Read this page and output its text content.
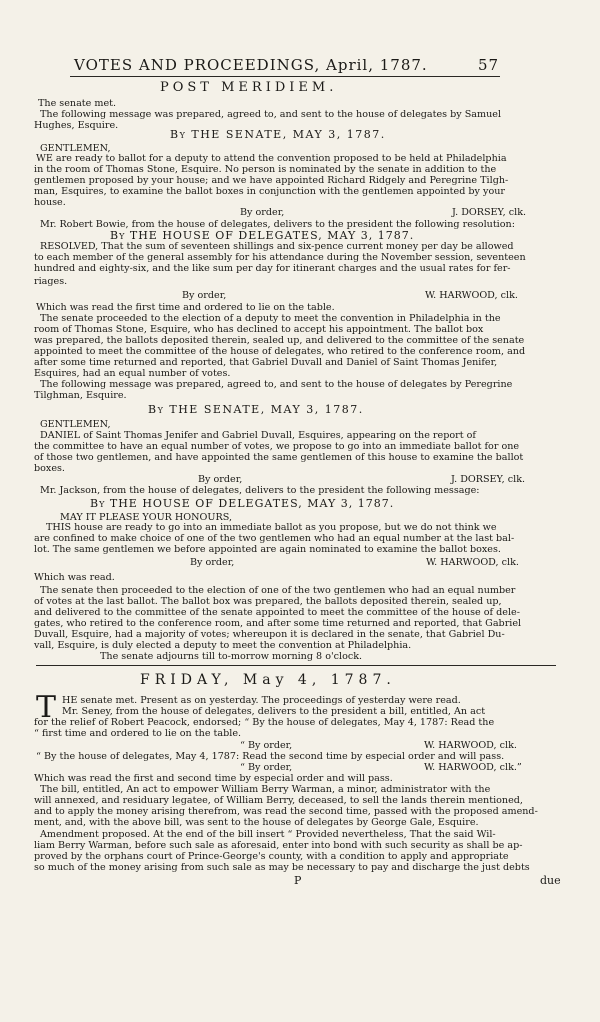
VOTES AND PROCEEDINGS, April, 1787.	57
POST MERIDIEM.
The senate met.
The following message was prepared, agreed to, and sent to the house of delegates by Samuel
Hughes, Esquire.
By THE SENATE, MAY 3, 1787.
GENTLEMEN,
WE are ready to ballot for a deputy to attend the convention proposed to be held at Philadelphia
in the room of Thomas Stone, Esquire. No person is nominated by the senate in addition to the
gentlemen proposed by your house; and we have appointed Richard Ridgely and Peregrine Tilgh-
man, Esquires, to examine the ballot boxes in conjunction with the gentlemen appointed by your
house.
By order,	J. DORSEY, clk.
Mr. Robert Bowie, from the house of delegates, delivers to the president the following resolution:
By THE HOUSE OF DELEGATES, MAY 3, 1787.
RESOLVED, That the sum of seventeen shillings and six-pence current money per day be allowed
to each member of the general assembly for his attendance during the November session, seventeen
hundred and eighty-six, and the like sum per day for itinerant charges and the usual rates for fer-
riages.
By order,	W. HARWOOD, clk.
Which was read the first time and ordered to lie on the table.
The senate proceeded to the election of a deputy to meet the convention in Philadelphia in the
room of Thomas Stone, Esquire, who has declined to accept his appointment. The ballot box
was prepared, the ballots deposited therein, sealed up, and delivered to the committee of the senate
appointed to meet the committee of the house of delegates, who retired to the conference room, and
after some time returned and reported, that Gabriel Duvall and Daniel of Saint Thomas Jenifer,
Esquires, had an equal number of votes.
The following message was prepared, agreed to, and sent to the house of delegates by Peregrine
Tilghman, Esquire.
By THE SENATE, MAY 3, 1787.
GENTLEMEN,
DANIEL of Saint Thomas Jenifer and Gabriel Duvall, Esquires, appearing on the report of
the committee to have an equal number of votes, we propose to go into an immediate ballot for one
of those two gentlemen, and have appointed the same gentlemen of this house to examine the ballot
boxes.
By order,	J. DORSEY, clk.
Mr. Jackson, from the house of delegates, delivers to the president the following message:
By THE HOUSE OF DELEGATES, MAY 3, 1787.
MAY IT PLEASE YOUR HONOURS,
THIS house are ready to go into an immediate ballot as you propose, but we do not think we
are confined to make choice of one of the two gentlemen who had an equal number at the last bal-
lot. The same gentlemen we before appointed are again nominated to examine the ballot boxes.
By order,	W. HARWOOD, clk.
Which was read.
The senate then proceeded to the election of one of the two gentlemen who had an equal number
of votes at the last ballot. The ballot box was prepared, the ballots deposited therein, sealed up,
and delivered to the committee of the senate appointed to meet the committee of the house of dele-
gates, who retired to the conference room, and after some time returned and reported, that Gabriel
Duvall, Esquire, had a majority of votes; whereupon it is declared in the senate, that Gabriel Du-
vall, Esquire, is duly elected a deputy to meet the convention at Philadelphia.
The senate adjourns till to-morrow morning 8 o'clock.
FRIDAY, May 4, 1787.
T HE senate met. Present as on yesterday. The proceedings of yesterday were read.
Mr. Seney, from the house of delegates, delivers to the president a bill, entitled, An act
for the relief of Robert Peacock, endorsed; “ By the house of delegates, May 4, 1787: Read the
“ first time and ordered to lie on the table.
“ By order,	W. HARWOOD, clk.
“ By the house of delegates, May 4, 1787: Read the second time by especial order and will pass.
“ By order,	W. HARWOOD, clk.”
Which was read the first and second time by especial order and will pass.
The bill, entitled, An act to empower William Berry Warman, a minor, administrator with the
will annexed, and residuary legatee, of William Berry, deceased, to sell the lands therein mentioned,
and to apply the money arising therefrom, was read the second time, passed with the proposed amend-
ment, and, with the above bill, was sent to the house of delegates by George Gale, Esquire.
Amendment proposed. At the end of the bill insert “ Provided nevertheless, That the said Wil-
liam Berry Warman, before such sale as aforesaid, enter into bond with such security as shall be ap-
proved by the orphans court of Prince-George's county, with a condition to apply and appropriate
so much of the money arising from such sale as may be necessary to pay and discharge the just debts
P	due
